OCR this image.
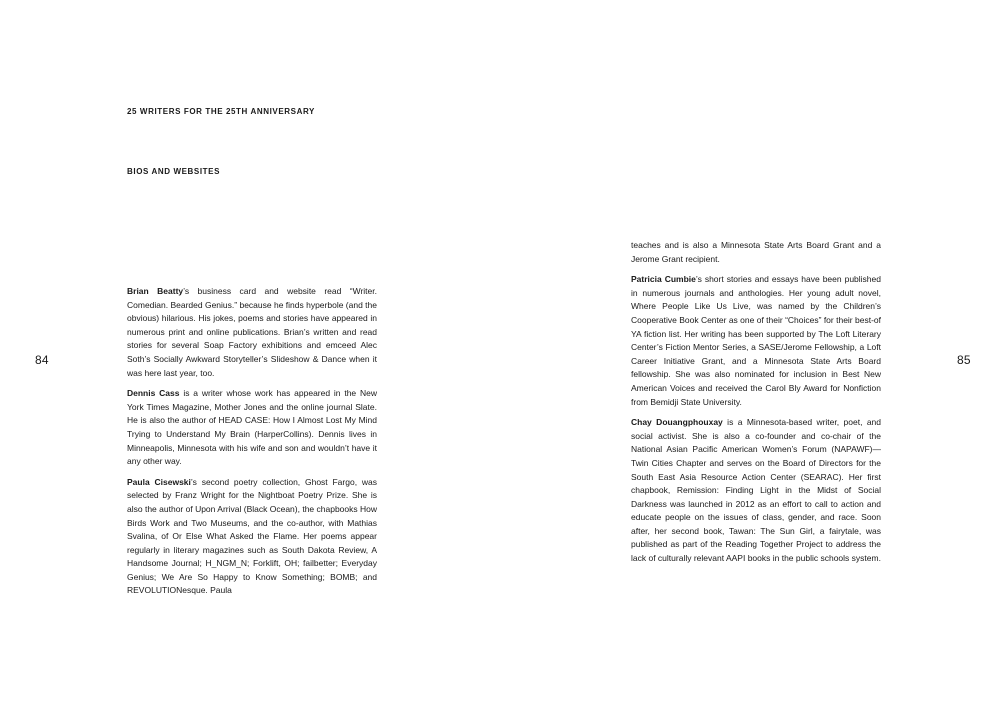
84
25 WRITERS FOR THE 25TH ANNIVERSARY
BIOS AND WEBSITES

Brian Beatty’s business card and website read “Writer. Comedian. Bearded Genius.” because he finds hyperbole (and the obvious) hilarious. His jokes, poems and stories have appeared in numerous print and online publications. Brian’s written and read stories for several Soap Factory exhibitions and emceed Alec Soth’s Socially Awkward Storyteller’s Slideshow & Dance when it was here last year, too.

Dennis Cass is a writer whose work has appeared in the New York Times Magazine, Mother Jones and the online journal Slate. He is also the author of HEAD CASE: How I Almost Lost My Mind Trying to Understand My Brain (HarperCollins). Dennis lives in Minneapolis, Minnesota with his wife and son and wouldn’t have it any other way.

Paula Cisewski’s second poetry collection, Ghost Fargo, was selected by Franz Wright for the Nightboat Poetry Prize. She is also the author of Upon Arrival (Black Ocean), the chapbooks How Birds Work and Two Museums, and the co-author, with Mathias Svalina, of Or Else What Asked the Flame. Her poems appear regularly in literary magazines such as South Dakota Review, A Handsome Journal; H_NGM_N; Forklift, OH; failbetter; Everyday Genius; We Are So Happy to Know Something; BOMB; and REVOLUTIONesque. Paula

teaches and is also a Minnesota State Arts Board Grant and a Jerome Grant recipient.

Patricia Cumbie’s short stories and essays have been published in numerous journals and anthologies. Her young adult novel, Where People Like Us Live, was named by the Children’s Cooperative Book Center as one of their “Choices” for their best-of YA fiction list. Her writing has been supported by The Loft Literary Center’s Fiction Mentor Series, a SASE/Jerome Fellowship, a Loft Career Initiative Grant, and a Minnesota State Arts Board fellowship. She was also nominated for inclusion in Best New American Voices and received the Carol Bly Award for Nonfiction from Bemidji State University.

Chay Douangphouxay is a Minnesota-based writer, poet, and social activist. She is also a co-founder and co-chair of the National Asian Pacific American Women’s Forum (NAPAWF)—Twin Cities Chapter and serves on the Board of Directors for the South East Asia Resource Action Center (SEARAC). Her first chapbook, Remission: Finding Light in the Midst of Social Darkness was launched in 2012 as an effort to call to action and educate people on the issues of class, gender, and race. Soon after, her second book, Tawan: The Sun Girl, a fairytale, was published as part of the Reading Together Project to address the lack of culturally relevant AAPI books in the public schools system.

85
